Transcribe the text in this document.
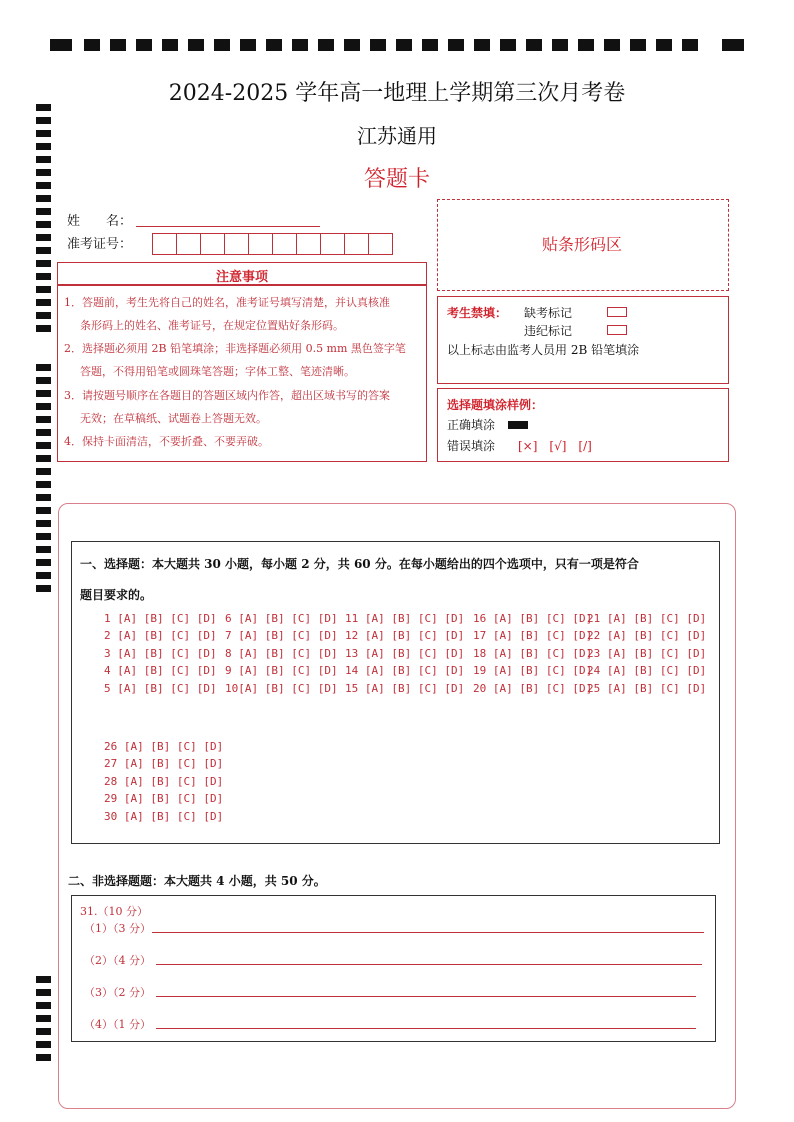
2024-2025 学年高一地理上学期第三次月考卷
江苏通用
答题卡
姓　　名：
准考证号：	贴条形码区
注意事项
1．答题前，考生先将自己的姓名，准考证号填写清楚，并认真核准
条形码上的姓名、准考证号，在规定位置贴好条形码。
2．选择题必须用 2B 铅笔填涂；非选择题必须用 0.5 mm 黑色签字笔
答题，不得用铅笔或圆珠笔答题；字体工整、笔迹清晰。
3．请按题号顺序在各题目的答题区域内作答，超出区域书写的答案
无效；在草稿纸、试题卷上答题无效。
4．保持卡面清洁，不要折叠、不要弄破。
考生禁填： 缺考标记
违纪标记
以上标志由监考人员用 2B 铅笔填涂
选择题填涂样例：
正确填涂
错误填涂 [×]　[√]　[/]
一、选择题：本大题共 30 小题，每小题 2 分，共 60 分。在每小题给出的四个选项中，只有一项是符合
题目要求的。
1 [A] [B] [C] [D]
2 [A] [B] [C] [D]
3 [A] [B] [C] [D]
4 [A] [B] [C] [D]
5 [A] [B] [C] [D]
6 [A] [B] [C] [D]
7 [A] [B] [C] [D]
8 [A] [B] [C] [D]
9 [A] [B] [C] [D]
10[A] [B] [C] [D]
11 [A] [B] [C] [D]
12 [A] [B] [C] [D]
13 [A] [B] [C] [D]
14 [A] [B] [C] [D]
15 [A] [B] [C] [D]
16 [A] [B] [C] [D]
17 [A] [B] [C] [D]
18 [A] [B] [C] [D]
19 [A] [B] [C] [D]
20 [A] [B] [C] [D]
21 [A] [B] [C] [D]
22 [A] [B] [C] [D]
23 [A] [B] [C] [D]
24 [A] [B] [C] [D]
25 [A] [B] [C] [D]
26 [A] [B] [C] [D]
27 [A] [B] [C] [D]
28 [A] [B] [C] [D]
29 [A] [B] [C] [D]
30 [A] [B] [C] [D]
二、非选择题题：本大题共 4 小题，共 50 分。
31.（10 分）
（1）（3 分）
（2）（4 分）
（3）（2 分）
（4）（1 分）
